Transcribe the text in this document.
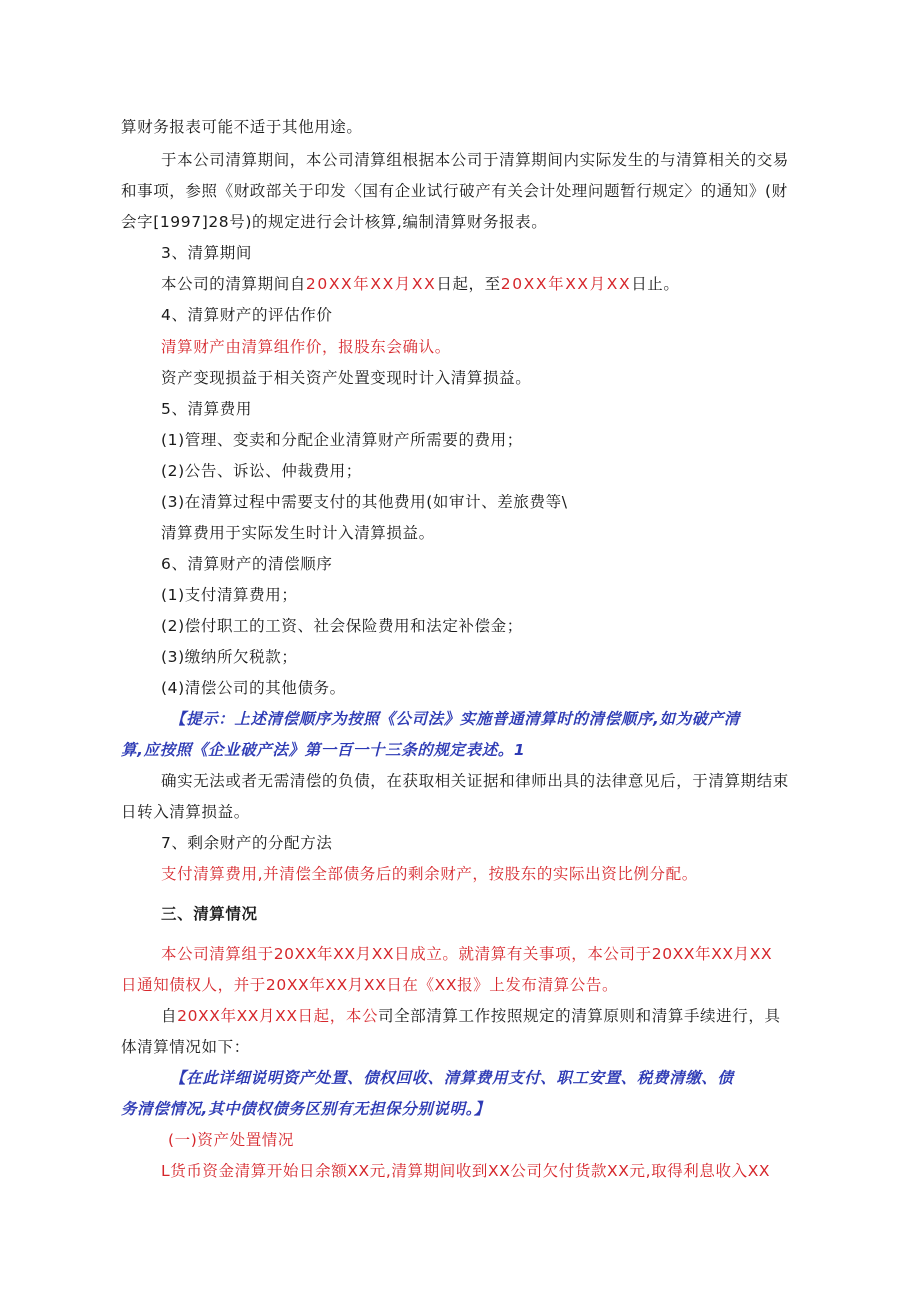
算财务报表可能不适于其他用途。
于本公司清算期间，本公司清算组根据本公司于清算期间内实际发生的与清算相关的交易
和事项，参照《财政部关于印发〈国有企业试行破产有关会计处理问题暂行规定〉的通知》(财
会字[1997]28号)的规定进行会计核算,编制清算财务报表。
3、清算期间
本公司的清算期间自20XX年XX月XX日起，至20XX年XX月XX日止。
4、清算财产的评估作价
清算财产由清算组作价，报股东会确认。
资产变现损益于相关资产处置变现时计入清算损益。
5、清算费用
(1)管理、变卖和分配企业清算财产所需要的费用；
(2)公告、诉讼、仲裁费用；
(3)在清算过程中需要支付的其他费用(如审计、差旅费等\
清算费用于实际发生时计入清算损益。
6、清算财产的清偿顺序
(1)支付清算费用；
(2)偿付职工的工资、社会保险费用和法定补偿金；
(3)缴纳所欠税款；
(4)清偿公司的其他债务。
【提示：上述清偿顺序为按照《公司法》实施普通清算时的清偿顺序,如为破产清
算,应按照《企业破产法》第一百一十三条的规定表述。1
确实无法或者无需清偿的负债，在获取相关证据和律师出具的法律意见后，于清算期结束
日转入清算损益。
7、剩余财产的分配方法
支付清算费用,并清偿全部债务后的剩余财产，按股东的实际出资比例分配。
三、清算情况
本公司清算组于20XX年XX月XX日成立。就清算有关事项，本公司于20XX年XX月XX
日通知债权人，并于20XX年XX月XX日在《XX报》上发布清算公告。
自20XX年XX月XX日起，本公司全部清算工作按照规定的清算原则和清算手续进行，具
体清算情况如下：
【在此详细说明资产处置、债权回收、清算费用支付、职工安置、税费清缴、债
务清偿情况,其中债权债务区别有无担保分别说明。】
(一)资产处置情况
L货币资金清算开始日余额XX元,清算期间收到XX公司欠付货款XX元,取得利息收入XX
